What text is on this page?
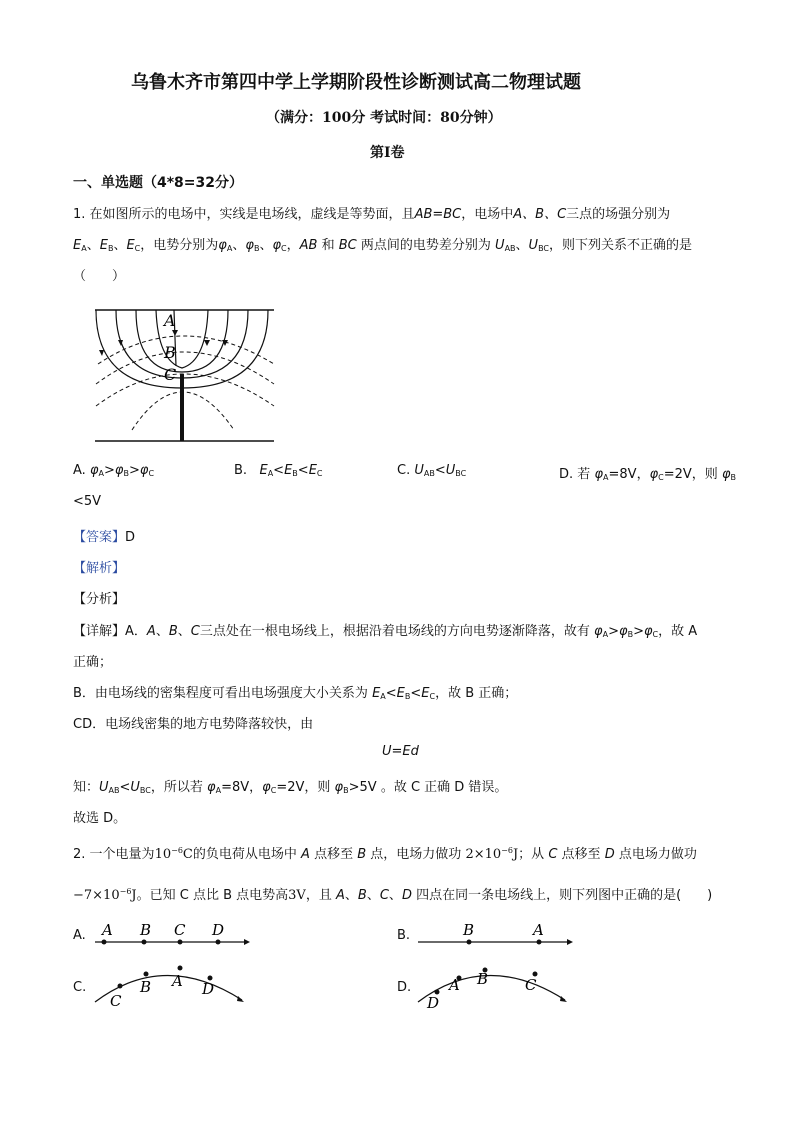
乌鲁木齐市第四中学上学期阶段性诊断测试高二物理试题
（满分：100分 考试时间：80分钟）
第Ⅰ卷
一、单选题（4*8=32分）
1. 在如图所示的电场中，实线是电场线，虚线是等势面，且AB=BC，电场中A、B、C三点的场强分别为
$E_A$、$E_B$、$E_C$，电势分别为$\varphi_A$、$\varphi_B$、$\varphi_C$，AB 和 BC 两点间的电势差分别为 $U_{AB}$、$U_{BC}$，则下列关系不正确的是
（　　）
A
B
C
A. $\varphi_A>\varphi_B>\varphi_C$	B. $E_A<E_B<E_C$	C. $U_{AB}<U_{BC}$	D. 若 $\varphi_A=8V$，$\varphi_C=2V$，则 $\varphi_B$
<5V
【答案】D
【解析】
【分析】
【详解】A．A、B、C三点处在一根电场线上，根据沿着电场线的方向电势逐渐降落，故有 $\varphi_A>\varphi_B>\varphi_C$，故 A
正确；
B．由电场线的密集程度可看出电场强度大小关系为 $E_A<E_B<E_C$，故 B 正确；
CD．电场线密集的地方电势降落较快，由
U=Ed
知：$U_{AB}<U_{BC}$，所以若 $\varphi_A=8V$，$\varphi_C=2V$，则 $\varphi_B>5V$ 。故 C 正确 D 错误。
故选 D。
2. 一个电量为$10^{-6}C$的负电荷从电场中 A 点移至 B 点，电场力做功 $2\times 10^{-6}J$；从 C 点移至 D 点电场力做功
$-7\times 10^{-6}J$。已知 C 点比 B 点电势高3V，且 A、B、C、D 四点在同一条电场线上，则下列图中正确的是(　　)
A. A B C D	B.	B	A
C.
C
B A D	D.
D
A B C
